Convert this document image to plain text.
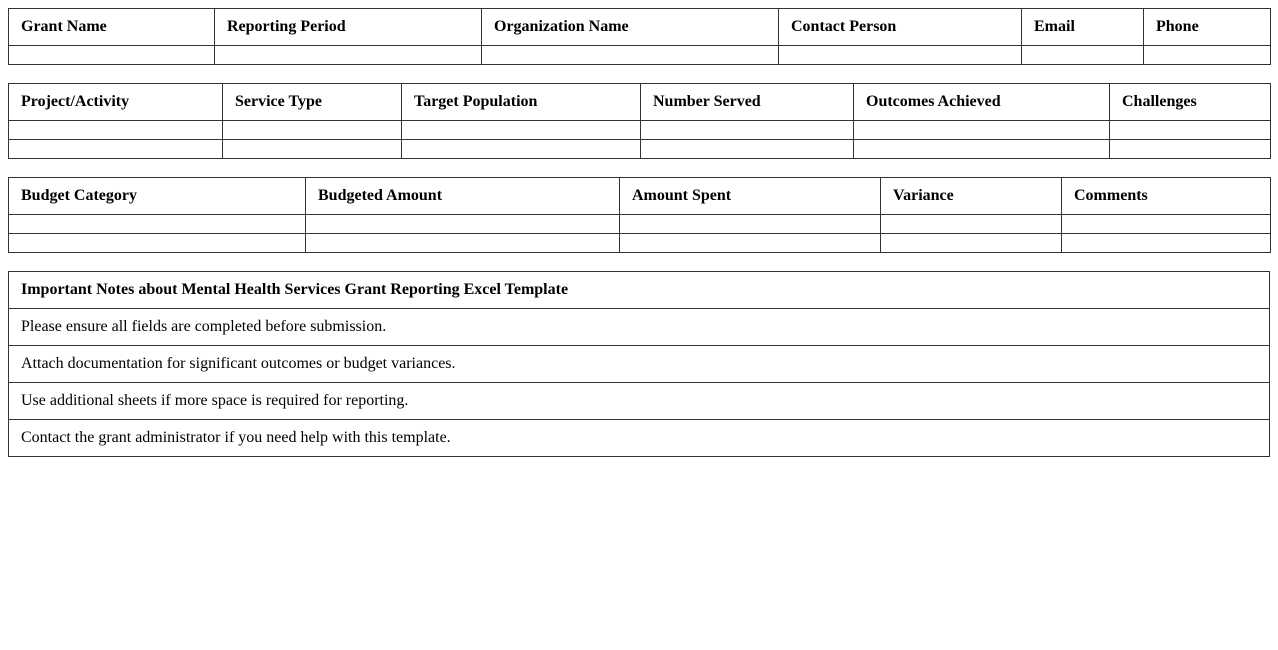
Grant Name	Reporting Period	Organization Name	Contact Person	Email	Phone

Project/Activity	Service Type	Target Population	Number Served	Outcomes Achieved	Challenges

Budget Category	Budgeted Amount	Amount Spent	Variance	Comments

Important Notes about Mental Health Services Grant Reporting Excel Template
Please ensure all fields are completed before submission.
Attach documentation for significant outcomes or budget variances.
Use additional sheets if more space is required for reporting.
Contact the grant administrator if you need help with this template.
